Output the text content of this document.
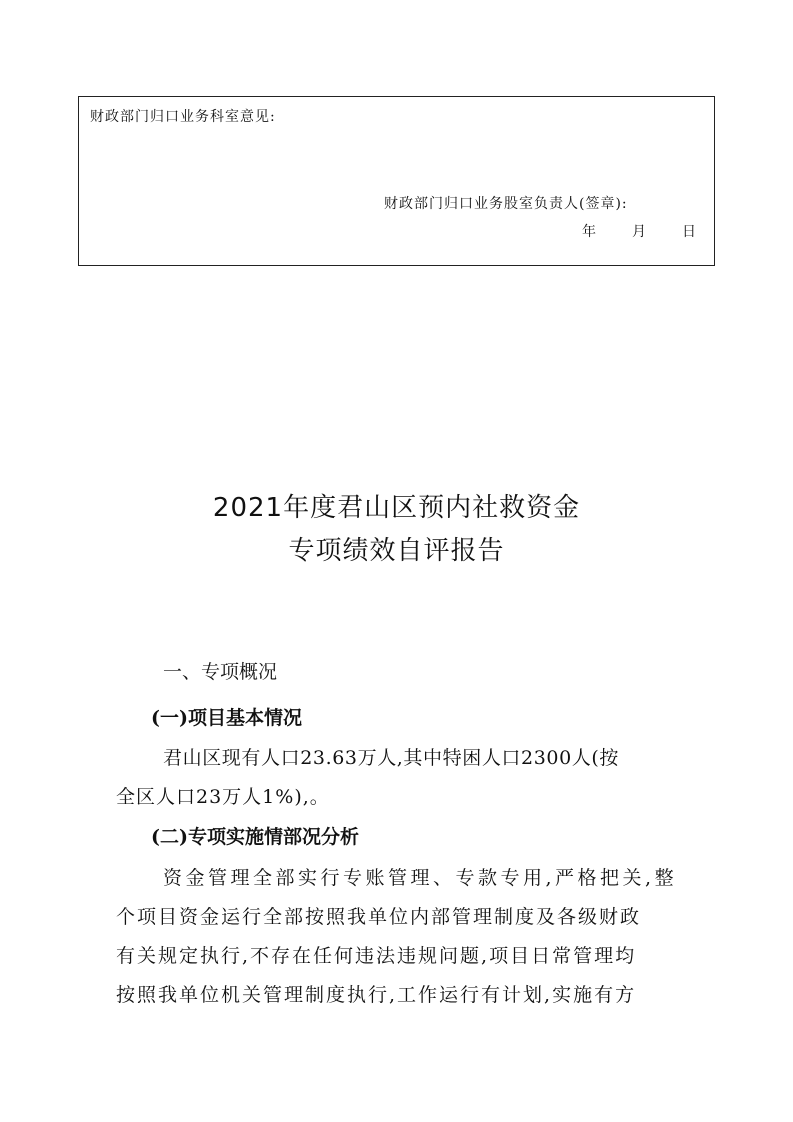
财政部门归口业务科室意见:
财政部门归口业务股室负责人(签章):
年	月	日
2021年度君山区预内社救资金
专项绩效自评报告
一、专项概况
(一)项目基本情况
君山区现有人口23.63万人,其中特困人口2300人(按
全区人口23万人1%),。
(二)专项实施情部况分析
资金管理全部实行专账管理、专款专用,严格把关,整
个项目资金运行全部按照我单位内部管理制度及各级财政
有关规定执行,不存在任何违法违规问题,项目日常管理均
按照我单位机关管理制度执行,工作运行有计划,实施有方
